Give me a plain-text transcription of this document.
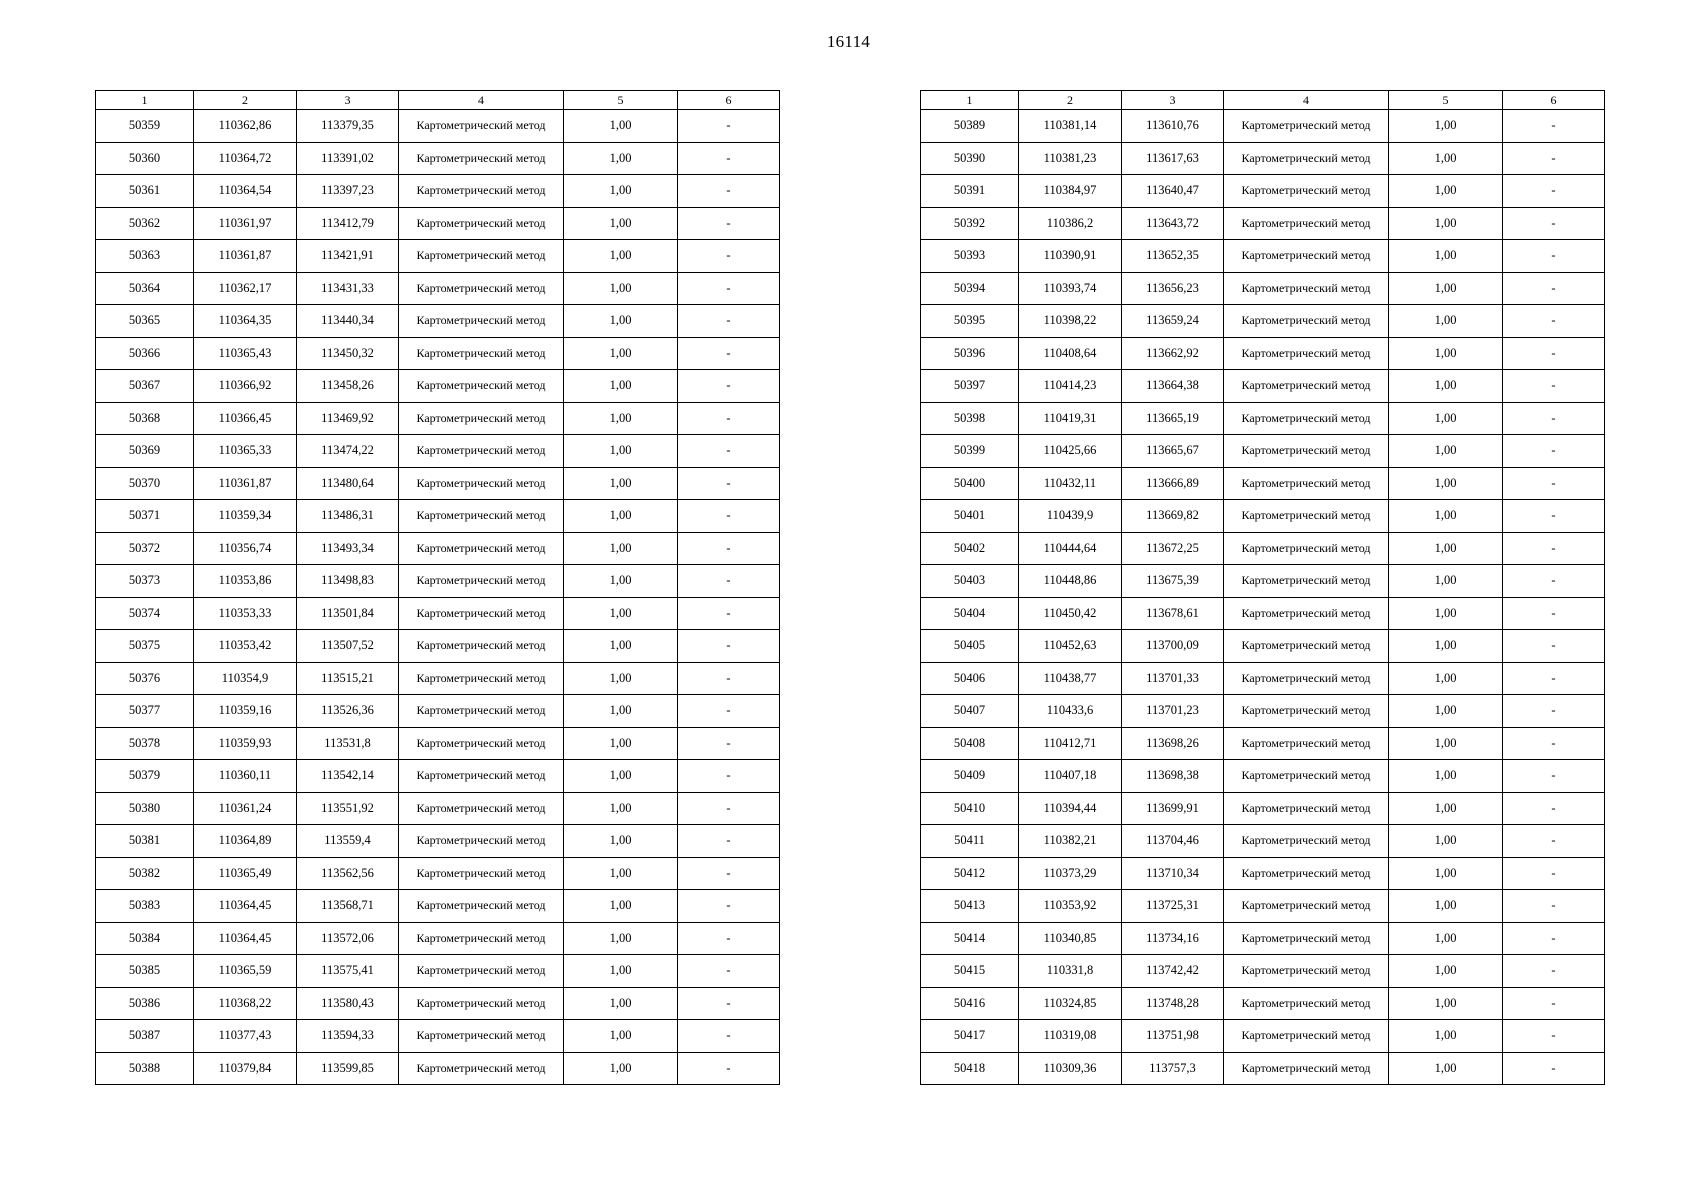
16114
1	2	3	4	5	6
50359	110362,86	113379,35	Картометрический метод	1,00	-
50360	110364,72	113391,02	Картометрический метод	1,00	-
50361	110364,54	113397,23	Картометрический метод	1,00	-
50362	110361,97	113412,79	Картометрический метод	1,00	-
50363	110361,87	113421,91	Картометрический метод	1,00	-
50364	110362,17	113431,33	Картометрический метод	1,00	-
50365	110364,35	113440,34	Картометрический метод	1,00	-
50366	110365,43	113450,32	Картометрический метод	1,00	-
50367	110366,92	113458,26	Картометрический метод	1,00	-
50368	110366,45	113469,92	Картометрический метод	1,00	-
50369	110365,33	113474,22	Картометрический метод	1,00	-
50370	110361,87	113480,64	Картометрический метод	1,00	-
50371	110359,34	113486,31	Картометрический метод	1,00	-
50372	110356,74	113493,34	Картометрический метод	1,00	-
50373	110353,86	113498,83	Картометрический метод	1,00	-
50374	110353,33	113501,84	Картометрический метод	1,00	-
50375	110353,42	113507,52	Картометрический метод	1,00	-
50376	110354,9	113515,21	Картометрический метод	1,00	-
50377	110359,16	113526,36	Картометрический метод	1,00	-
50378	110359,93	113531,8	Картометрический метод	1,00	-
50379	110360,11	113542,14	Картометрический метод	1,00	-
50380	110361,24	113551,92	Картометрический метод	1,00	-
50381	110364,89	113559,4	Картометрический метод	1,00	-
50382	110365,49	113562,56	Картометрический метод	1,00	-
50383	110364,45	113568,71	Картометрический метод	1,00	-
50384	110364,45	113572,06	Картометрический метод	1,00	-
50385	110365,59	113575,41	Картометрический метод	1,00	-
50386	110368,22	113580,43	Картометрический метод	1,00	-
50387	110377,43	113594,33	Картометрический метод	1,00	-
50388	110379,84	113599,85	Картометрический метод	1,00	-
1	2	3	4	5	6
50389	110381,14	113610,76	Картометрический метод	1,00	-
50390	110381,23	113617,63	Картометрический метод	1,00	-
50391	110384,97	113640,47	Картометрический метод	1,00	-
50392	110386,2	113643,72	Картометрический метод	1,00	-
50393	110390,91	113652,35	Картометрический метод	1,00	-
50394	110393,74	113656,23	Картометрический метод	1,00	-
50395	110398,22	113659,24	Картометрический метод	1,00	-
50396	110408,64	113662,92	Картометрический метод	1,00	-
50397	110414,23	113664,38	Картометрический метод	1,00	-
50398	110419,31	113665,19	Картометрический метод	1,00	-
50399	110425,66	113665,67	Картометрический метод	1,00	-
50400	110432,11	113666,89	Картометрический метод	1,00	-
50401	110439,9	113669,82	Картометрический метод	1,00	-
50402	110444,64	113672,25	Картометрический метод	1,00	-
50403	110448,86	113675,39	Картометрический метод	1,00	-
50404	110450,42	113678,61	Картометрический метод	1,00	-
50405	110452,63	113700,09	Картометрический метод	1,00	-
50406	110438,77	113701,33	Картометрический метод	1,00	-
50407	110433,6	113701,23	Картометрический метод	1,00	-
50408	110412,71	113698,26	Картометрический метод	1,00	-
50409	110407,18	113698,38	Картометрический метод	1,00	-
50410	110394,44	113699,91	Картометрический метод	1,00	-
50411	110382,21	113704,46	Картометрический метод	1,00	-
50412	110373,29	113710,34	Картометрический метод	1,00	-
50413	110353,92	113725,31	Картометрический метод	1,00	-
50414	110340,85	113734,16	Картометрический метод	1,00	-
50415	110331,8	113742,42	Картометрический метод	1,00	-
50416	110324,85	113748,28	Картометрический метод	1,00	-
50417	110319,08	113751,98	Картометрический метод	1,00	-
50418	110309,36	113757,3	Картометрический метод	1,00	-
